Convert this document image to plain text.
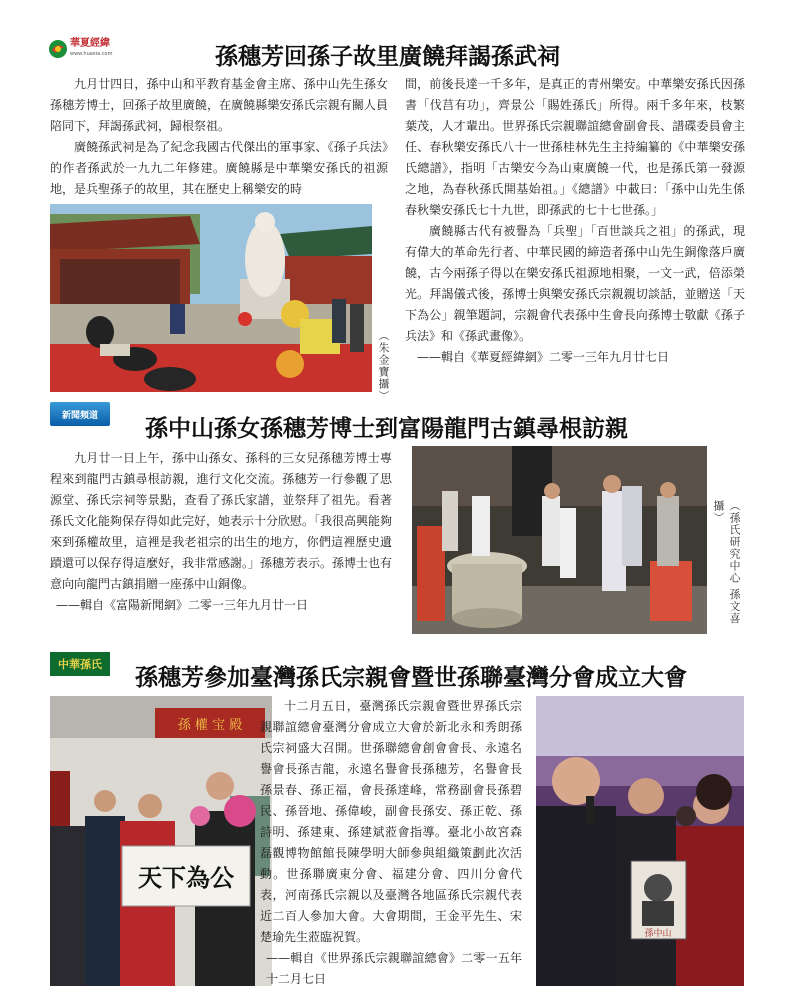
華夏經緯
www.huaxia.com	孫穗芳回孫子故里廣饒拜謁孫武祠

九月廿四日，孫中山和平教育基金會主席、孫中山先生孫女孫穗芳博士，回孫子故里廣饒，在廣饒縣樂安孫氏宗親有關人員陪同下，拜謁孫武祠，歸根祭祖。

廣饒孫武祠是為了紀念我國古代傑出的軍事家、《孫子兵法》的作者孫武於一九九二年修建。廣饒縣是中華樂安孫氏的祖源地，是兵聖孫子的故里，其在歷史上稱樂安的時

（朱金寶攝）

間，前後長達一千多年，是真正的青州樂安。中華樂安孫氏因孫書「伐莒有功」，齊景公「賜姓孫氏」所得。兩千多年來，枝繁葉茂，人才輩出。世界孫氏宗親聯誼總會副會長、譜碟委員會主任、春秋樂安孫氏八十一世孫桂林先生主持編纂的《中華樂安孫氏總譜》，指明「古樂安今為山東廣饒一代，也是孫氏第一發源之地，為春秋孫氏開基始祖。」《總譜》中載曰：「孫中山先生係春秋樂安孫氏七十九世，即孫武的七十七世孫。」

廣饒縣古代有被譽為「兵聖」「百世談兵之祖」的孫武，現有偉大的革命先行者、中華民國的締造者孫中山先生銅像落戶廣饒，古今兩孫子得以在樂安孫氏祖源地相聚，一文一武，倍添榮光。拜謁儀式後，孫博士與樂安孫氏宗親親切談話，並贈送「天下為公」親筆題詞，宗親會代表孫中生會長向孫博士敬獻《孫子兵法》和《孫武畫像》。

——輯自《華夏經緯網》二零一三年九月廿七日
新聞頻道
孫中山孫女孫穗芳博士到富陽龍門古鎮尋根訪親

九月廿一日上午，孫中山孫女、孫科的三女兒孫穗芳博士專程來到龍門古鎮尋根訪親，進行文化交流。孫穗芳一行參觀了思源堂、孫氏宗祠等景點，查看了孫氏家譜，並祭拜了祖先。看著孫氏文化能夠保存得如此完好，她表示十分欣慰。「我很高興能夠來到孫權故里，這裡是我老祖宗的出生的地方，你們這裡歷史遺蹟還可以保存得這麼好，我非常感謝。」孫穗芳表示。孫博士也有意向向龍門古鎮捐贈一座孫中山銅像。

——輯自《富陽新聞網》二零一三年九月廿一日	（孫氏研究中心 孫文喜攝）
中華孫氏
孫穗芳參加臺灣孫氏宗親會暨世孫聯臺灣分會成立大會
孫 權 宝 殿
天下為公

十二月五日，臺灣孫氏宗親會暨世界孫氏宗親聯誼總會臺灣分會成立大會於新北永和秀朗孫氏宗祠盛大召開。世孫聯總會創會會長、永遠名譽會長孫吉龍，永遠名譽會長孫穗芳，名譽會長孫景春、孫正福，會長孫達峰，常務副會長孫碧民、孫晉地、孫偉峻，副會長孫安、孫正乾、孫詩明、孫建東、孫建斌蒞會指導。臺北小故宮森磊觀博物館館長陳學明大師參與組織策劃此次活動。世孫聯廣東分會、福建分會、四川分會代表，河南孫氏宗親以及臺灣各地區孫氏宗親代表近二百人參加大會。大會期間，王金平先生、宋楚瑜先生蒞臨祝賀。

——輯自《世界孫氏宗親聯誼總會》二零一五年十二月七日
孫中山
